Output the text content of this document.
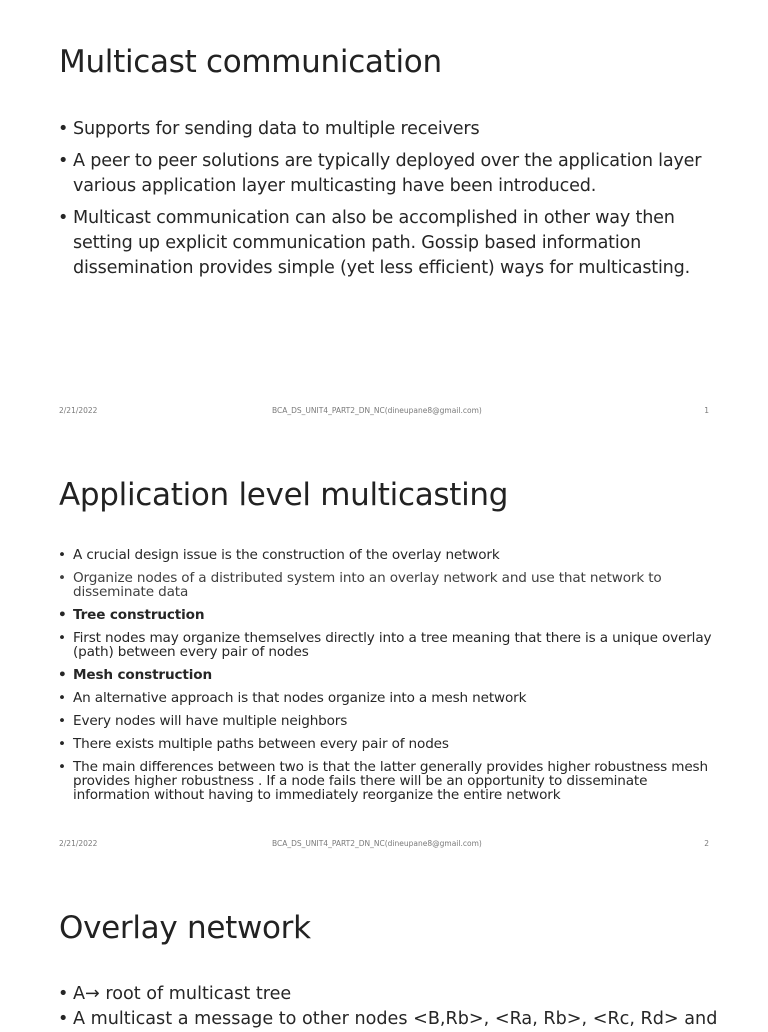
Multicast communication
• Supports for sending data to multiple receivers
• A peer to peer solutions are typically deployed over the application layer various application layer multicasting have been introduced.
• Multicast communication can also be accomplished in other way then setting up explicit communication path. Gossip based information dissemination provides simple (yet less efficient) ways for multicasting.
2/21/2022	BCA_DS_UNIT4_PART2_DN_NC(dineupane8@gmail.com)	1
Application level multicasting
• A crucial design issue is the construction of the overlay network
• Organize nodes of a distributed system into an overlay network and use that network to disseminate data
• Tree construction
• First nodes may organize themselves directly into a tree meaning that there is a unique overlay (path) between every pair of nodes
• Mesh construction
• An alternative approach is that nodes organize into a mesh network
• Every nodes will have multiple neighbors
• There exists multiple paths between every pair of nodes
• The main differences between two is that the latter generally provides higher robustness mesh provides higher robustness . If a node fails there will be an opportunity to disseminate information without having to immediately reorganize the entire network
2/21/2022	BCA_DS_UNIT4_PART2_DN_NC(dineupane8@gmail.com)	2
Overlay network
• A→ root of multicast tree
• A multicast a message to other nodes <B,Rb>, <Ra, Rb>, <Rc, Rd> and
